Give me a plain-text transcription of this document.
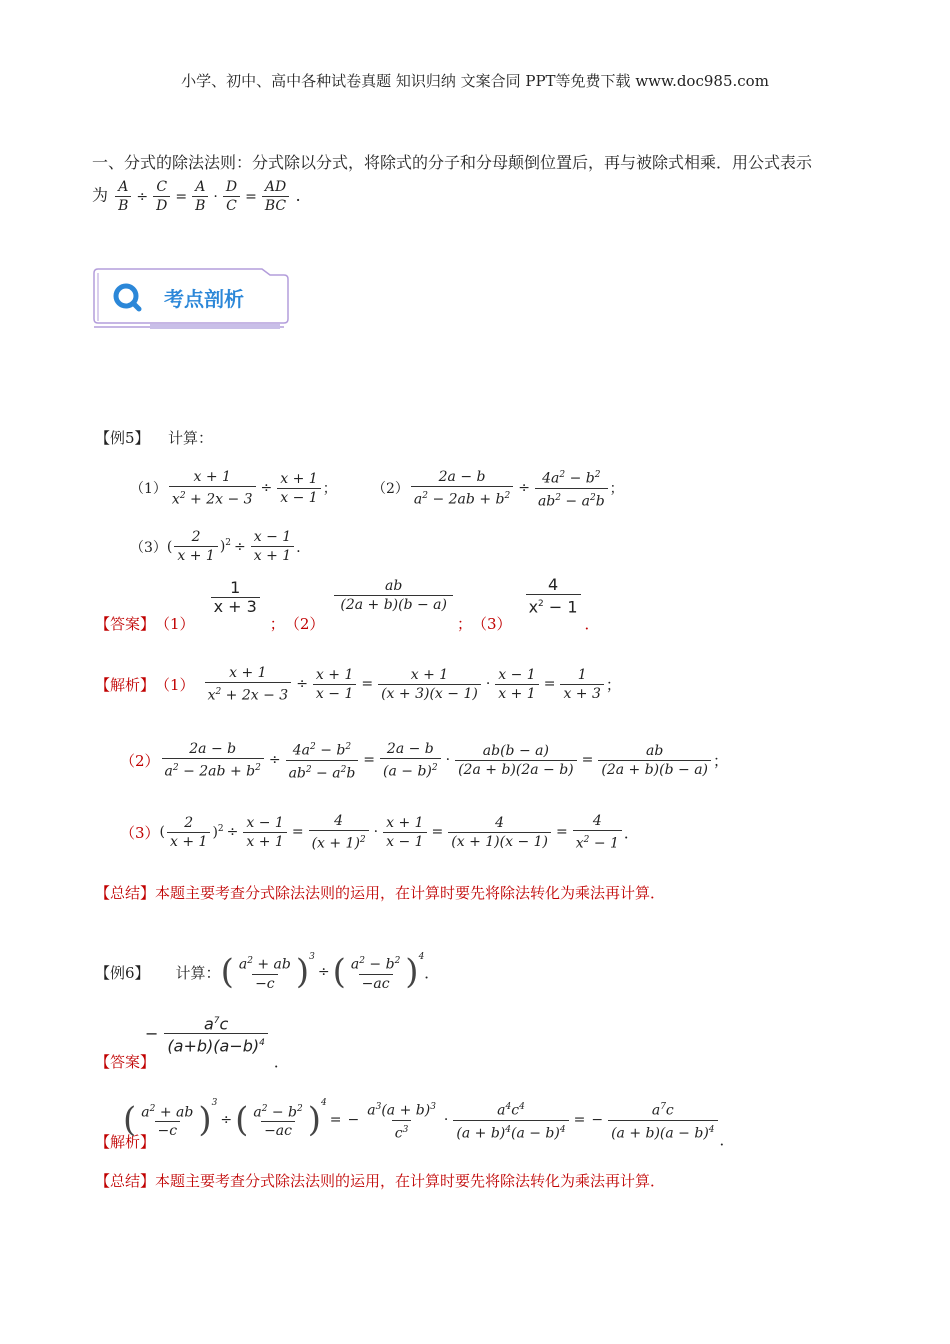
小学、初中、高中各种试卷真题 知识归纳 文案合同 PPT等免费下载 www.doc985.com
一、分式的除法法则：分式除以分式，将除式的分子和分母颠倒位置后，再与被除式相乘．用公式表示
为 $\frac{A}{B} \div \frac{C}{D} = \frac{A}{B} \cdot \frac{D}{C} = \frac{AD}{BC}$ ．
考点剖析
【例5】 计算：
$(1) \frac{x + 1}{x^2 + 2x - 3} \div \frac{x + 1}{x - 1}$ ；	$(2) \frac{2a - b}{a^2 - 2ab + b^2} \div \frac{4a^2 - b^2}{ab^2 - a^2b}$ ；
（3） ( $\frac{2}{x + 1} )^2 \div \frac{x - 1}{x + 1}$ ．
【答案】 （1）
$\frac{1}{x + 3}$
； （2）
$\frac{ab}{(2a + b)(b - a)}$
； （3）
$\frac{4}{x^2 - 1}$
．
【解析】 $(1) \frac{x + 1}{x^2 + 2x - 3} \div \frac{x + 1}{x - 1} = \frac{x + 1}{(x + 3)(x - 1)} \cdot \frac{x - 1}{x + 1} = \frac{1}{x + 3}$ ；
$(2) \frac{2a - b}{a^2 - 2ab + b^2} \div \frac{4a^2 - b^2}{ab^2 - a^2b} = \frac{2a - b}{(a - b)^2} \cdot \frac{ab(b - a)}{(2a + b)(2a - b)} = \frac{ab}{(2a + b)(b - a)}$ ；
（3） ( $\frac{2}{x + 1} )^2 \div \frac{x - 1}{x + 1} = \frac{4}{(x + 1)^2} \cdot \frac{x + 1}{x - 1} = \frac{4}{(x + 1)(x - 1)} = \frac{4}{x^2 - 1}$ ．
【总结】本题主要考查分式除法法则的运用，在计算时要先将除法转化为乘法再计算．
【例6】 计算： ( $\frac{a^2 + ab}{-c} )^3$
÷ ( $\frac{a^2 - b^2}{-ac} )^4$
．
【答案】
− $\frac{a^7c}{(a+b)(a-b)^4}$
．
【解析】
( $\frac{a^2 + ab}{-c} )^3$
÷ ( $\frac{a^2 - b^2}{-ac} )^4$
= − $\frac{a^3(a + b)^3}{c^3} \cdot \frac{a^4c^4}{(a + b)^4(a - b)^4}$ = − $\frac{a^7c}{(a + b)(a - b)^4}$ ．
【总结】本题主要考查分式除法法则的运用，在计算时要先将除法转化为乘法再计算．
